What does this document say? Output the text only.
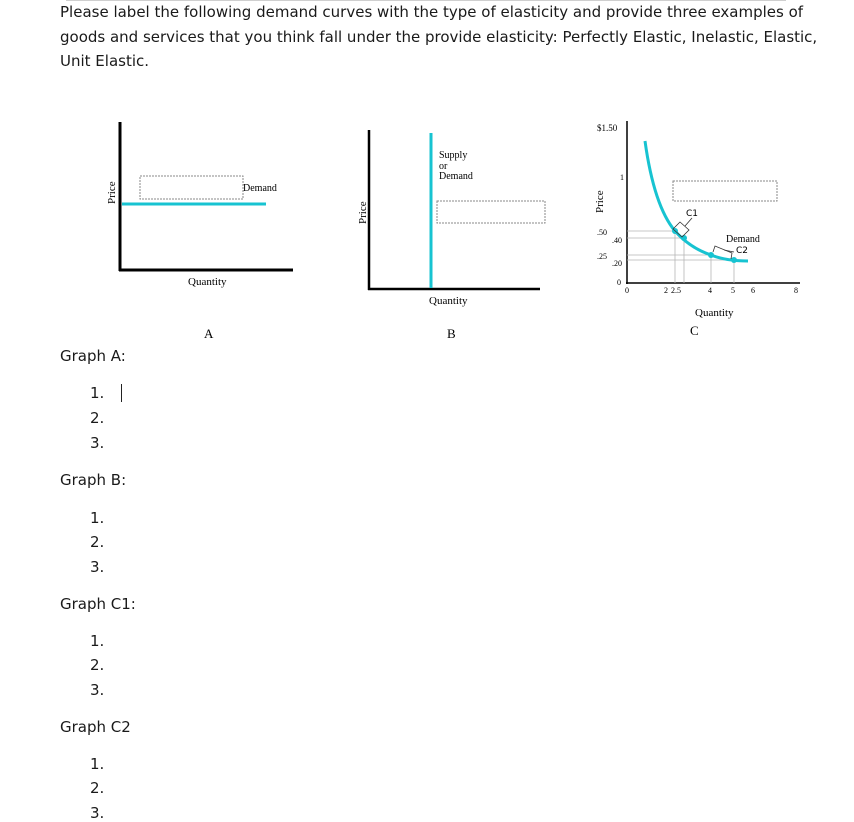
Please label the following demand curves with the type of elasticity and provide three examples of goods and services that you think fall under the provide elasticity: Perfectly Elastic, Inelastic, Elastic, Unit Elastic.
Demand
Quantity
Price
A
Supply
or
Demand
Quantity
Price
B
C1
C2
Demand
$1.50
1
.50
.40
.25
.20
0
0	2 2.5	4 5 6	8
Quantity
Price
C
Graph A:
1.
2.
3.
Graph B:
1.
2.
3.
Graph C1:
1.
2.
3.
Graph C2
1.
2.
3.
